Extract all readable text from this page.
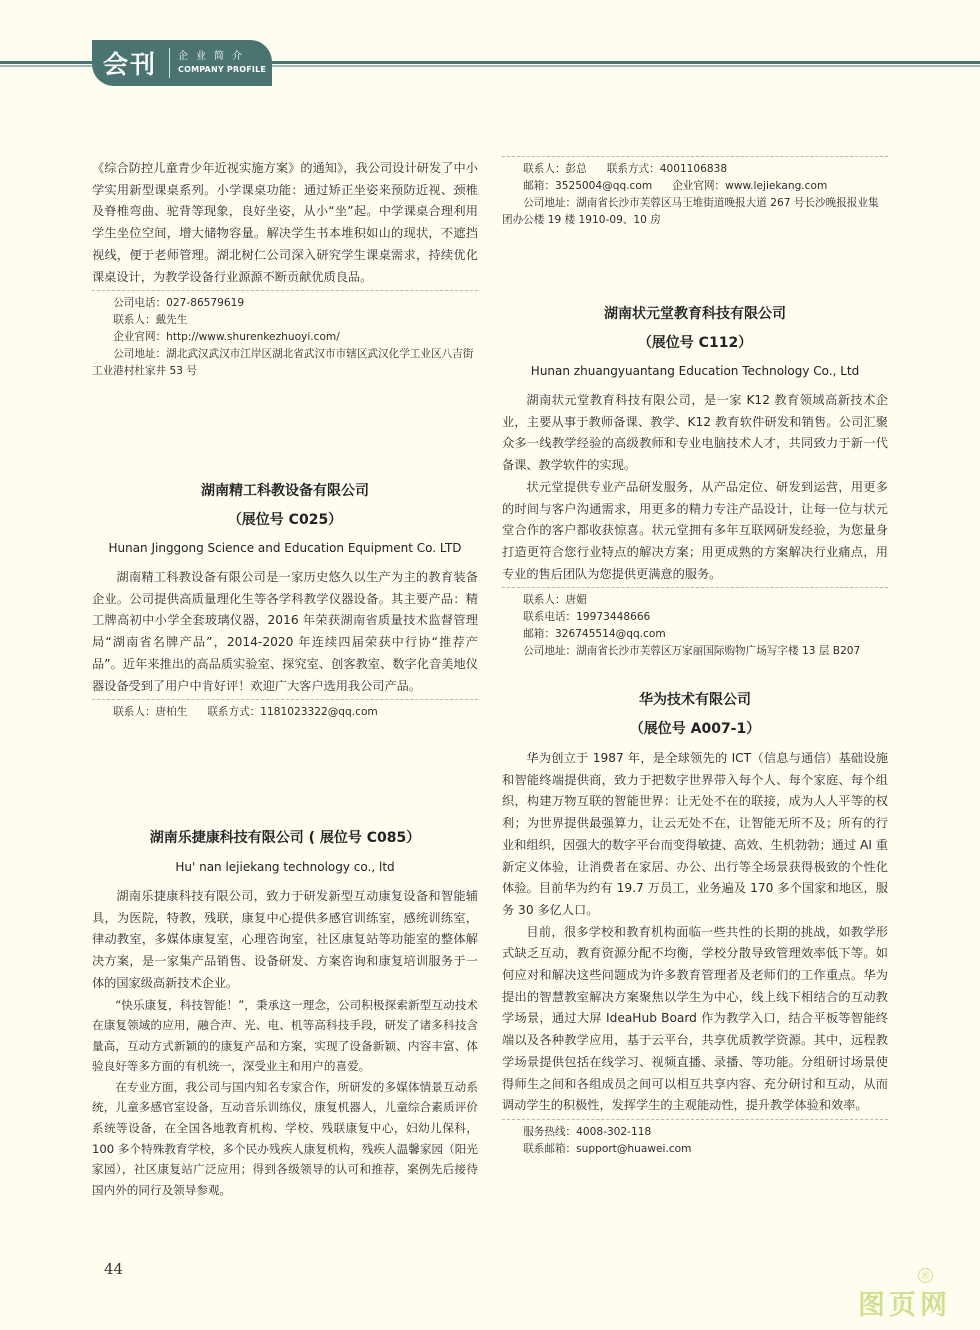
会刊	企业简介
COMPANY PROFILE

《综合防控儿童青少年近视实施方案》的通知》，我公司设计研发了中小学实用新型课桌系列。小学课桌功能：通过矫正坐姿来预防近视、颈椎及脊椎弯曲、驼背等现象，良好坐姿，从小“坐”起。中学课桌合理利用学生坐位空间，增大储物容量。解决学生书本堆积如山的现状，不遮挡视线，便于老师管理。湖北树仁公司深入研究学生课桌需求，持续优化课桌设计，为教学设备行业源源不断贡献优质良品。

公司电话：027-86579619
联系人：戴先生
企业官网：http://www.shurenkezhuoyi.com/
公司地址：湖北武汉武汉市江岸区湖北省武汉市市辖区武汉化学工业区八吉街工业港村杜家井 53 号

湖南精工科教设备有限公司

（展位号 C025）

Hunan Jinggong Science and Education Equipment Co. LTD

湖南精工科教设备有限公司是一家历史悠久以生产为主的教育装备企业。公司提供高质量理化生等各学科教学仪器设备。其主要产品：精工牌高初中小学全套玻璃仪器，2016 年荣获湖南省质量技术监督管理局“湖南省名牌产品”，2014-2020 年连续四届荣获中行协“推荐产品”。近年来推出的高品质实验室、探究室、创客教室、数字化音美地仪器设备受到了用户中肯好评！欢迎广大客户选用我公司产品。

联系人：唐柏生 联系方式：1181023322@qq.com

湖南乐捷康科技有限公司 ( 展位号 C085）

Hu' nan lejiekang technology co., ltd

湖南乐捷康科技有限公司，致力于研发新型互动康复设备和智能辅具，为医院，特教，残联，康复中心提供多感官训练室，感统训练室，律动教室，多媒体康复室，心理咨询室，社区康复站等功能室的整体解决方案，是一家集产品销售、设备研发、方案咨询和康复培训服务于一体的国家级高新技术企业。

“快乐康复，科技智能！”，秉承这一理念，公司积极探索新型互动技术在康复领域的应用，融合声、光、电、机等高科技手段，研发了诸多科技含量高，互动方式新颖的的康复产品和方案，实现了设备新颖、内容丰富、体验良好等多方面的有机统一，深受业主和用户的喜爱。

在专业方面，我公司与国内知名专家合作，所研发的多媒体情景互动系统，儿童多感官室设备，互动音乐训练仪，康复机器人，儿童综合素质评价系统等设备，在全国各地教育机构、学校、残联康复中心，妇幼儿保科，100 多个特殊教育学校，多个民办残疾人康复机构，残疾人温馨家园（阳光家园），社区康复站广泛应用；得到各级领导的认可和推荐，案例先后接待国内外的同行及领导参观。

联系人：彭总 联系方式：4001106838
邮箱：3525004@qq.com 企业官网：www.lejiekang.com
公司地址：湖南省长沙市芙蓉区马王堆街道晚报大道 267 号长沙晚报报业集团办公楼 19 楼 1910-09、10 房

湖南状元堂教育科技有限公司

（展位号 C112）

Hunan zhuangyuantang Education Technology Co., Ltd

湖南状元堂教育科技有限公司，是一家 K12 教育领域高新技术企业，主要从事于教师备课、教学、K12 教育软件研发和销售。公司汇聚众多一线教学经验的高级教师和专业电脑技术人才，共同致力于新一代备课、教学软件的实现。

状元堂提供专业产品研发服务，从产品定位、研发到运营，用更多的时间与客户沟通需求，用更多的精力专注产品设计，让每一位与状元堂合作的客户都收获惊喜。状元堂拥有多年互联网研发经验，为您量身打造更符合您行业特点的解决方案；用更成熟的方案解决行业痛点，用专业的售后团队为您提供更满意的服务。

联系人：唐媚
联系电话：19973448666
邮箱：326745514@qq.com
公司地址：湖南省长沙市芙蓉区万家丽国际购物广场写字楼 13 层 B207

华为技术有限公司

（展位号 A007-1）

华为创立于 1987 年，是全球领先的 ICT（信息与通信）基础设施和智能终端提供商，致力于把数字世界带入每个人、每个家庭、每个组织，构建万物互联的智能世界：让无处不在的联接，成为人人平等的权利；为世界提供最强算力，让云无处不在，让智能无所不及；所有的行业和组织，因强大的数字平台而变得敏捷、高效、生机勃勃；通过 AI 重新定义体验，让消费者在家居、办公、出行等全场景获得极致的个性化体验。目前华为约有 19.7 万员工，业务遍及 170 多个国家和地区，服务 30 多亿人口。

目前，很多学校和教育机构面临一些共性的长期的挑战，如教学形式缺乏互动，教育资源分配不均衡，学校分散导致管理效率低下等。如何应对和解决这些问题成为许多教育管理者及老师们的工作重点。华为提出的智慧教室解决方案聚焦以学生为中心，线上线下相结合的互动教学场景，通过大屏 IdeaHub Board 作为教学入口，结合平板等智能终端以及各种教学应用，基于云平台，共享优质教学资源。其中，远程教学场景提供包括在线学习、视频直播、录播、等功能。分组研讨场景使得师生之间和各组成员之间可以相互共享内容、充分研讨和互动，从而调动学生的积极性，发挥学生的主观能动性，提升教学体验和效率。

服务热线：4008-302-118
联系邮箱：support@huawei.com
44
图页网
®
